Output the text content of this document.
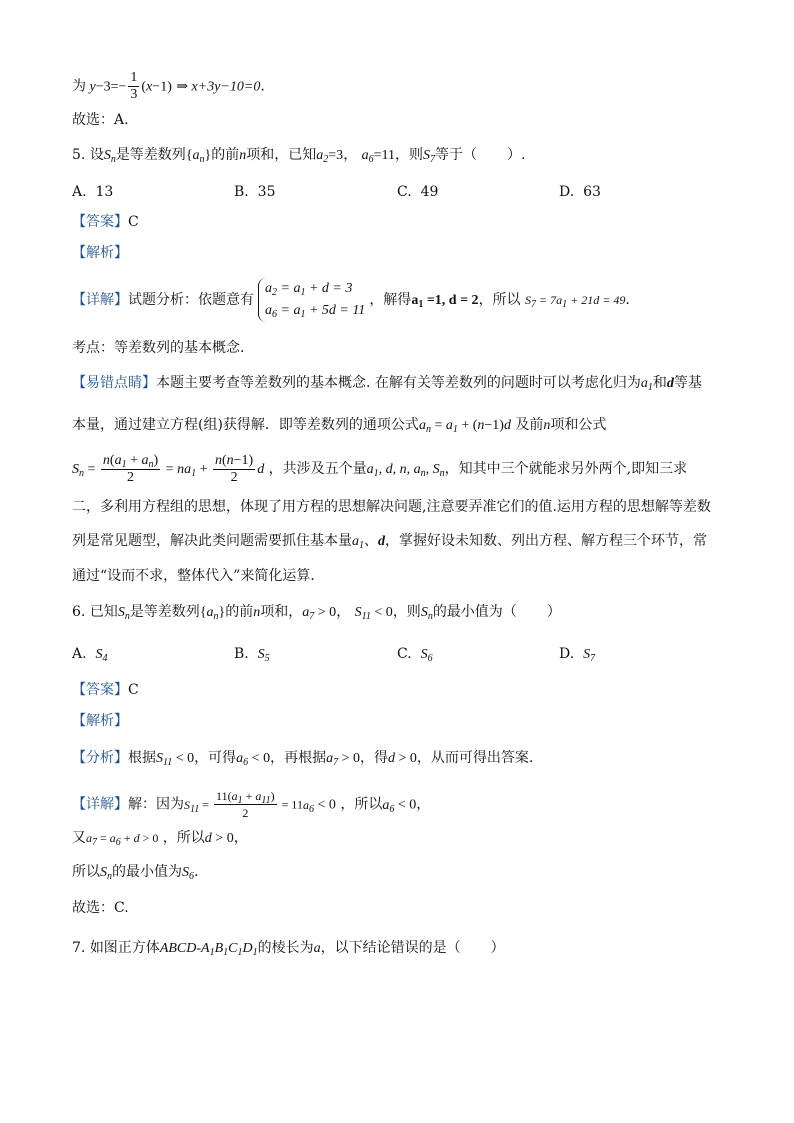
为 $y-3=- \frac{1}{3} (x-1)$ ⇒ x+3y−10=0.
故选：A.
5. 设$S_n$是等差数列$\{a_n\}$的前n项和，已知$a_2=3$， $a_6=11$，则$S_7$等于（ ）.
A. 13	B. 35	C. 49	D. 63
【答案】C
【解析】
【详解】试题分析：依题意有
$a_2 = a_1 + d = 3$
$a_6 = a_1 + 5d = 11$
，解得$a_1 =1$, d = 2，所以 $S_7 = 7a_1 + 21d = 49$.
考点：等差数列的基本概念.
【易错点睛】本题主要考查等差数列的基本概念. 在解有关等差数列的问题时可以考虑化归为$a_1$和d等基
本量，通过建立方程(组)获得解．即等差数列的通项公式$a_n = a_1 + (n-1)d$ 及前n项和公式
$S_n = \frac{n(a_1 + a_n)}{2} = na_1 + \frac{n(n-1)}{2}$ d ，共涉及五个量$a_1$, d, n, $a_n$, $S_n$，知其中三个就能求另外两个,即知三求
二，多利用方程组的思想，体现了用方程的思想解决问题,注意要弄准它们的值.运用方程的思想解等差数
列是常见题型，解决此类问题需要抓住基本量$a_1$、d，掌握好设未知数、列出方程、解方程三个环节，常
通过“设而不求，整体代入”来简化运算．
6. 已知$S_n$是等差数列$\{a_n\}$的前n项和，$a_7 > 0$， $S_{11} < 0$，则$S_n$的最小值为（ ）
A. $S_4$	B. $S_5$	C. $S_6$	D. $S_7$
【答案】C
【解析】
【分析】根据$S_{11} < 0$，可得$a_6 < 0$，再根据$a_7 > 0$，得d > 0，从而可得出答案.
【详解】解：因为$S_{11} = \frac{11(a_1 + a_{11})}{2} = 11a_6 < 0$ ，所以$a_6 < 0$，
又$a_7 = a_6 + d > 0$ ，所以d > 0，
所以$S_n$的最小值为$S_6$.
故选：C.
7. 如图正方体ABCD-$A_1B_1C_1D_1$的棱长为a，以下结论错误的是（ ）
